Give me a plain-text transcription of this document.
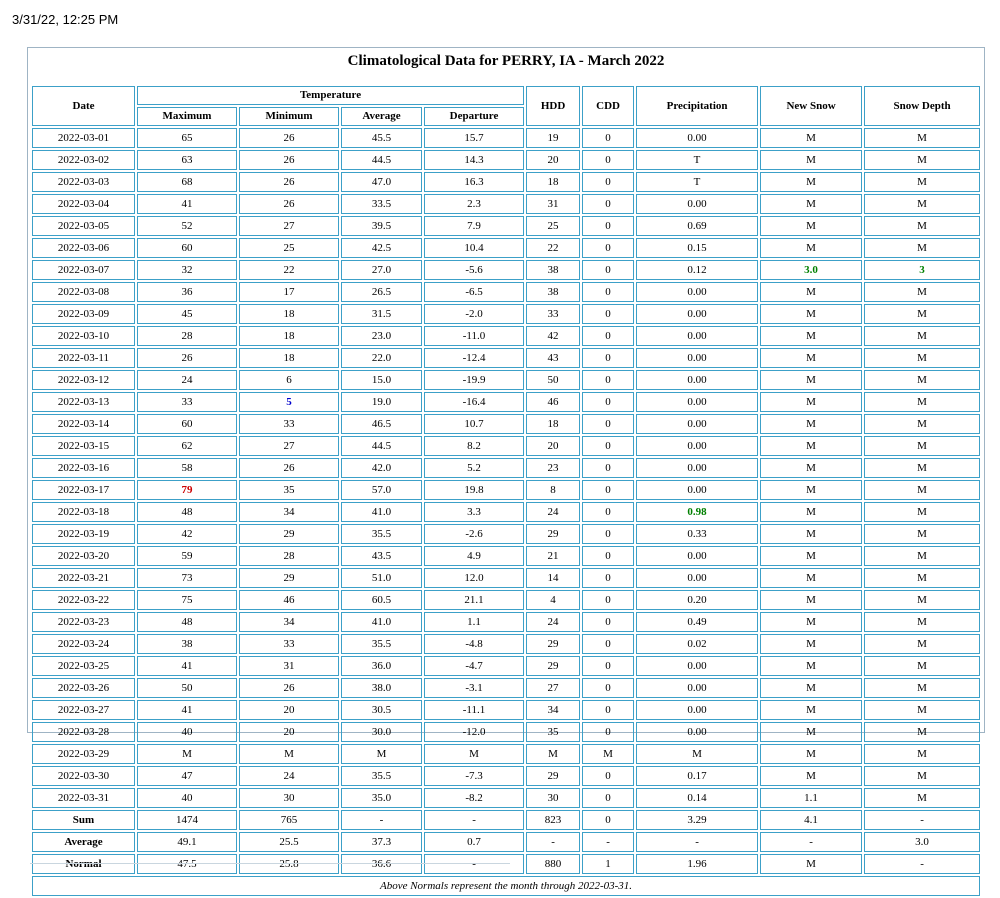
3/31/22, 12:25 PM
Climatological Data for PERRY, IA - March 2022
Date	Temperature				HDD	CDD	Precipitation	New Snow	Snow Depth
	Maximum	Minimum	Average	Departure					
2022-03-01	65	26	45.5	15.7	19	0	0.00	M	M
2022-03-02	63	26	44.5	14.3	20	0	T	M	M
2022-03-03	68	26	47.0	16.3	18	0	T	M	M
2022-03-04	41	26	33.5	2.3	31	0	0.00	M	M
2022-03-05	52	27	39.5	7.9	25	0	0.69	M	M
2022-03-06	60	25	42.5	10.4	22	0	0.15	M	M
2022-03-07	32	22	27.0	-5.6	38	0	0.12	3.0	3
2022-03-08	36	17	26.5	-6.5	38	0	0.00	M	M
2022-03-09	45	18	31.5	-2.0	33	0	0.00	M	M
2022-03-10	28	18	23.0	-11.0	42	0	0.00	M	M
2022-03-11	26	18	22.0	-12.4	43	0	0.00	M	M
2022-03-12	24	6	15.0	-19.9	50	0	0.00	M	M
2022-03-13	33	5	19.0	-16.4	46	0	0.00	M	M
2022-03-14	60	33	46.5	10.7	18	0	0.00	M	M
2022-03-15	62	27	44.5	8.2	20	0	0.00	M	M
2022-03-16	58	26	42.0	5.2	23	0	0.00	M	M
2022-03-17	79	35	57.0	19.8	8	0	0.00	M	M
2022-03-18	48	34	41.0	3.3	24	0	0.98	M	M
2022-03-19	42	29	35.5	-2.6	29	0	0.33	M	M
2022-03-20	59	28	43.5	4.9	21	0	0.00	M	M
2022-03-21	73	29	51.0	12.0	14	0	0.00	M	M
2022-03-22	75	46	60.5	21.1	4	0	0.20	M	M
2022-03-23	48	34	41.0	1.1	24	0	0.49	M	M
2022-03-24	38	33	35.5	-4.8	29	0	0.02	M	M
2022-03-25	41	31	36.0	-4.7	29	0	0.00	M	M
2022-03-26	50	26	38.0	-3.1	27	0	0.00	M	M
2022-03-27	41	20	30.5	-11.1	34	0	0.00	M	M
2022-03-28	40	20	30.0	-12.0	35	0	0.00	M	M
2022-03-29	M	M	M	M	M	M	M	M	M
2022-03-30	47	24	35.5	-7.3	29	0	0.17	M	M
2022-03-31	40	30	35.0	-8.2	30	0	0.14	1.1	M
Sum	1474	765	-	-	823	0	3.29	4.1	-
Average	49.1	25.5	37.3	0.7	-	-	-	-	3.0
Normal	47.5	25.8	36.6	-	880	1	1.96	M	-
Above Normals represent the month through 2022-03-31.									
